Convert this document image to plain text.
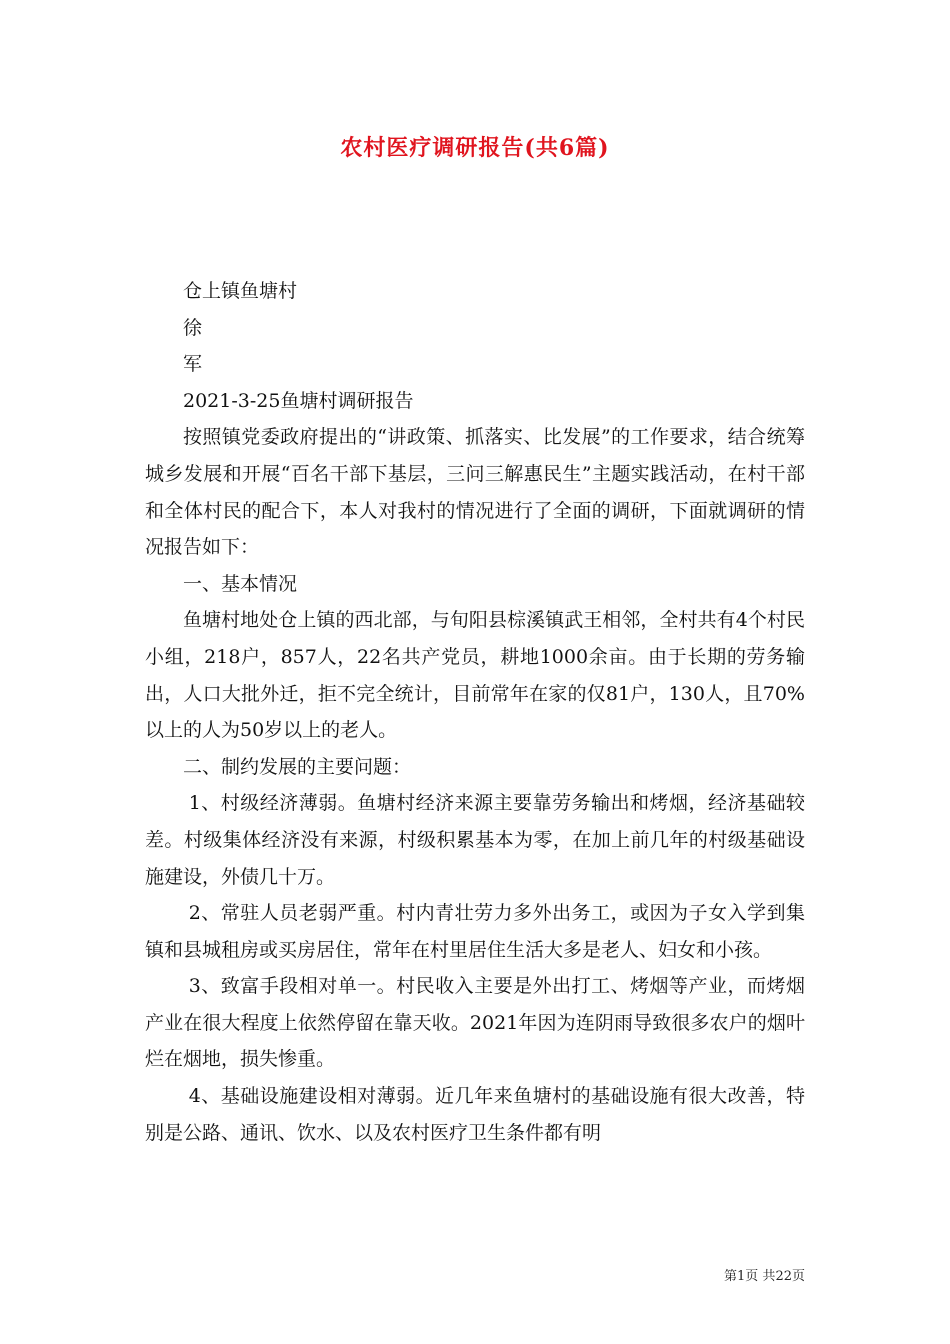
农村医疗调研报告(共6篇)

仓上镇鱼塘村

徐

军

2021-3-25鱼塘村调研报告

按照镇党委政府提出的“讲政策、抓落实、比发展”的工作要求，结合统筹城乡发展和开展“百名干部下基层，三问三解惠民生”主题实践活动，在村干部和全体村民的配合下，本人对我村的情况进行了全面的调研，下面就调研的情况报告如下：

一、基本情况

鱼塘村地处仓上镇的西北部，与旬阳县棕溪镇武王相邻，全村共有4个村民小组，218户，857人，22名共产党员，耕地1000余亩。由于长期的劳务输出，人口大批外迁，拒不完全统计，目前常年在家的仅81户，130人，且70%以上的人为50岁以上的老人。

二、制约发展的主要问题：

1、村级经济薄弱。鱼塘村经济来源主要靠劳务输出和烤烟，经济基础较差。村级集体经济没有来源，村级积累基本为零，在加上前几年的村级基础设施建设，外债几十万。

2、常驻人员老弱严重。村内青壮劳力多外出务工，或因为子女入学到集镇和县城租房或买房居住，常年在村里居住生活大多是老人、妇女和小孩。

3、致富手段相对单一。村民收入主要是外出打工、烤烟等产业，而烤烟产业在很大程度上依然停留在靠天收。2021年因为连阴雨导致很多农户的烟叶烂在烟地，损失惨重。

4、基础设施建设相对薄弱。近几年来鱼塘村的基础设施有很大改善，特别是公路、通讯、饮水、以及农村医疗卫生条件都有明

第1页 共22页
